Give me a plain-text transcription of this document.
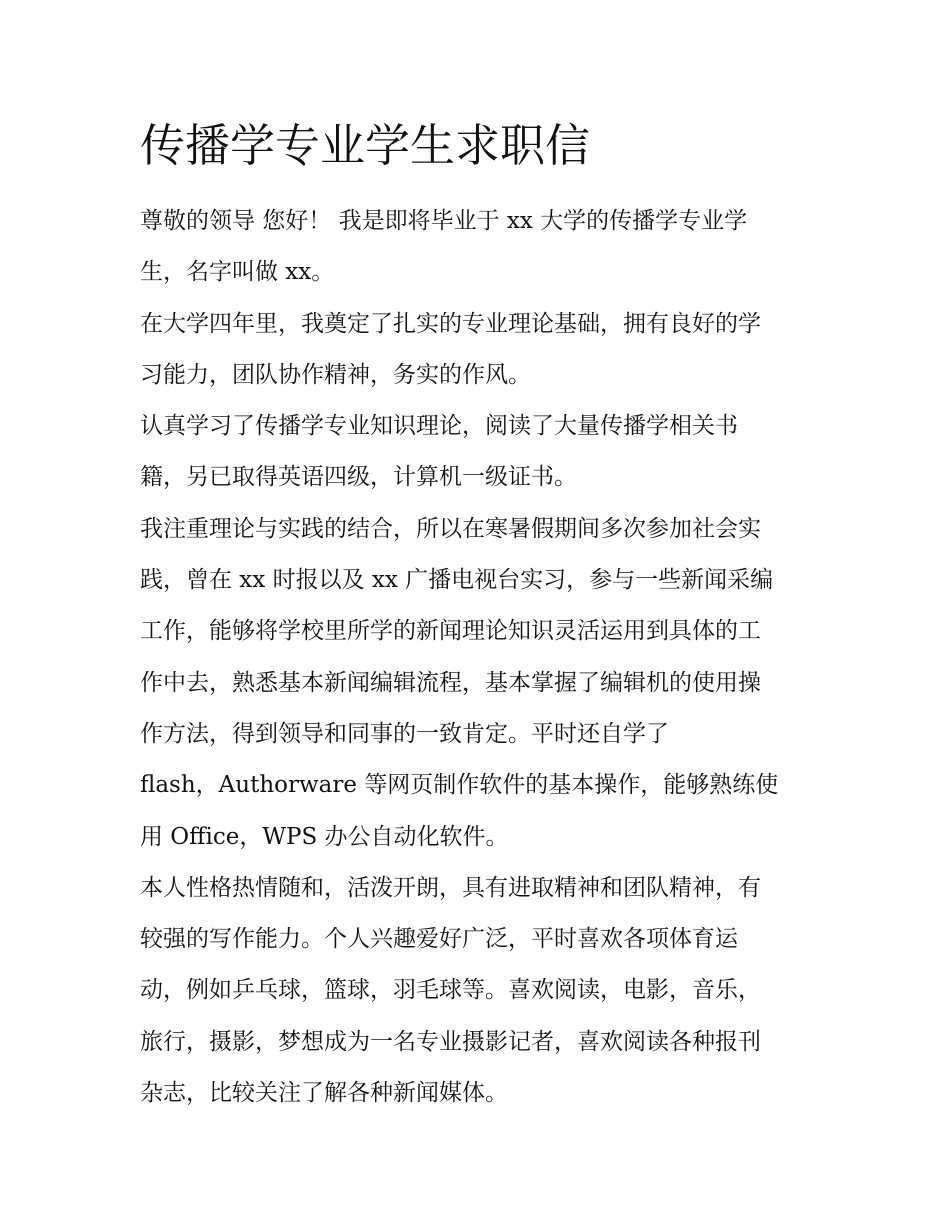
传播学专业学生求职信
尊敬的领导 您好！ 我是即将毕业于 xx 大学的传播学专业学
生，名字叫做 xx。
在大学四年里，我奠定了扎实的专业理论基础，拥有良好的学
习能力，团队协作精神，务实的作风。
认真学习了传播学专业知识理论，阅读了大量传播学相关书
籍，另已取得英语四级，计算机一级证书。
我注重理论与实践的结合，所以在寒暑假期间多次参加社会实
践，曾在 xx 时报以及 xx 广播电视台实习，参与一些新闻采编
工作，能够将学校里所学的新闻理论知识灵活运用到具体的工
作中去，熟悉基本新闻编辑流程，基本掌握了编辑机的使用操
作方法，得到领导和同事的一致肯定。平时还自学了
flash，Authorware 等网页制作软件的基本操作，能够熟练使
用 Office，WPS 办公自动化软件。
本人性格热情随和，活泼开朗，具有进取精神和团队精神，有
较强的写作能力。个人兴趣爱好广泛，平时喜欢各项体育运
动，例如乒乓球，篮球，羽毛球等。喜欢阅读，电影，音乐，
旅行，摄影，梦想成为一名专业摄影记者，喜欢阅读各种报刊
杂志，比较关注了解各种新闻媒体。
